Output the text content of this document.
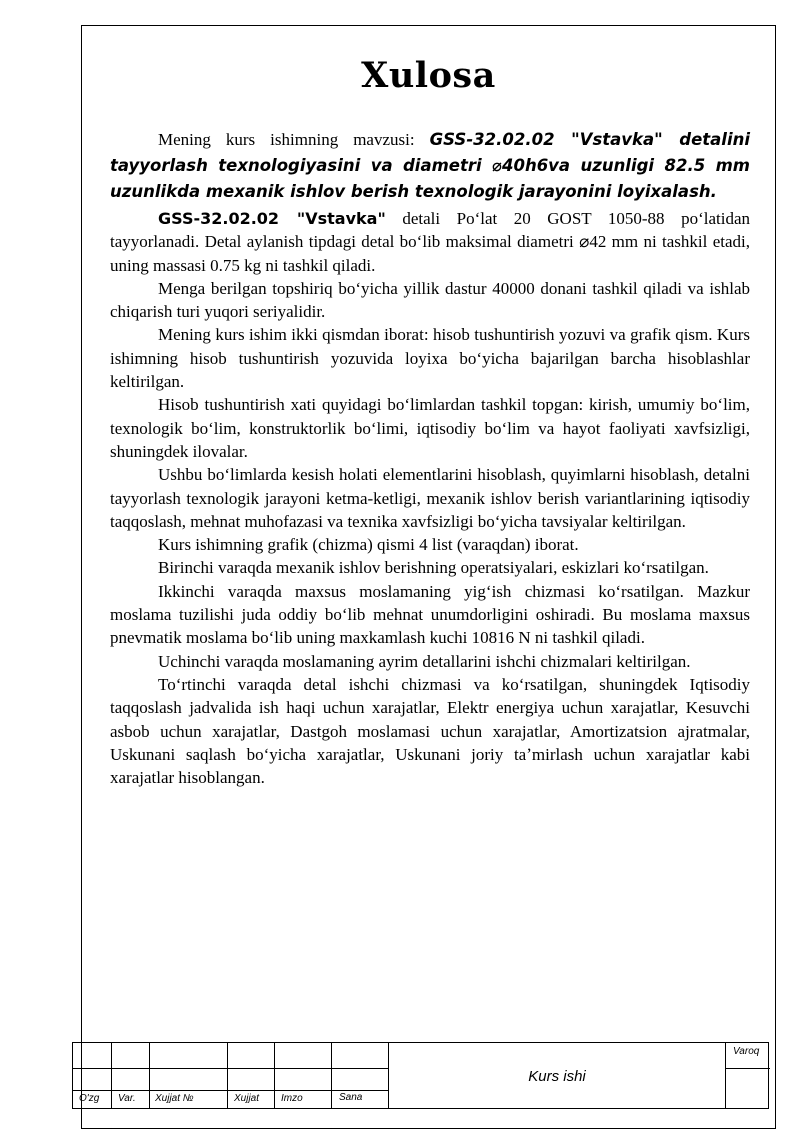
Xulosa

Mening kurs ishimning mavzusi: GSS-32.02.02 "Vstavka" detalini tayyorlash texnologiyasini va diametri ⌀40h6va uzunligi 82.5 mm uzunlikda mexanik ishlov berish texnologik jarayonini loyixalash.

GSS-32.02.02 "Vstavka" detali Poʻlat 20 GOST 1050-88 poʻlatidan tayyorlanadi. Detal aylanish tipdagi detal boʻlib maksimal diametri ⌀42 mm ni tashkil etadi, uning massasi 0.75 kg ni tashkil qiladi.

Menga berilgan topshiriq boʻyicha yillik dastur 40000 donani tashkil qiladi va ishlab chiqarish turi yuqori seriyalidir.

Mening kurs ishim ikki qismdan iborat: hisob tushuntirish yozuvi va grafik qism. Kurs ishimning hisob tushuntirish yozuvida loyixa boʻyicha bajarilgan barcha hisoblashlar keltirilgan.

Hisob tushuntirish xati quyidagi boʻlimlardan tashkil topgan: kirish, umumiy boʻlim, texnologik boʻlim, konstruktorlik boʻlimi, iqtisodiy boʻlim va hayot faoliyati xavfsizligi, shuningdek ilovalar.

Ushbu boʻlimlarda kesish holati elementlarini hisoblash, quyimlarni hisoblash, detalni tayyorlash texnologik jarayoni ketma-ketligi, mexanik ishlov berish variantlarining iqtisodiy taqqoslash, mehnat muhofazasi va texnika xavfsizligi boʻyicha tavsiyalar keltirilgan.

Kurs ishimning grafik (chizma) qismi 4 list (varaqdan) iborat.

Birinchi varaqda mexanik ishlov berishning operatsiyalari, eskizlari koʻrsatilgan.

Ikkinchi varaqda maxsus moslamaning yigʻish chizmasi koʻrsatilgan. Mazkur moslama tuzilishi juda oddiy boʻlib mehnat unumdorligini oshiradi. Bu moslama maxsus pnevmatik moslama boʻlib uning maxkamlash kuchi 10816 N ni tashkil qiladi.

Uchinchi varaqda moslamaning ayrim detallarini ishchi chizmalari keltirilgan.

Toʻrtinchi varaqda detal ishchi chizmasi va koʻrsatilgan, shuningdek Iqtisodiy taqqoslash jadvalida ish haqi uchun xarajatlar, Elektr energiya uchun xarajatlar, Kesuvchi asbob uchun xarajatlar, Dastgoh moslamasi uchun xarajatlar, Amortizatsion ajratmalar, Uskunani saqlash boʻyicha xarajatlar, Uskunani joriy taʼmirlash uchun xarajatlar kabi xarajatlar hisoblangan.

O'zg Var. Xujjat №	Xujjat Imzo	Sana
Kurs ishi
Varoq
